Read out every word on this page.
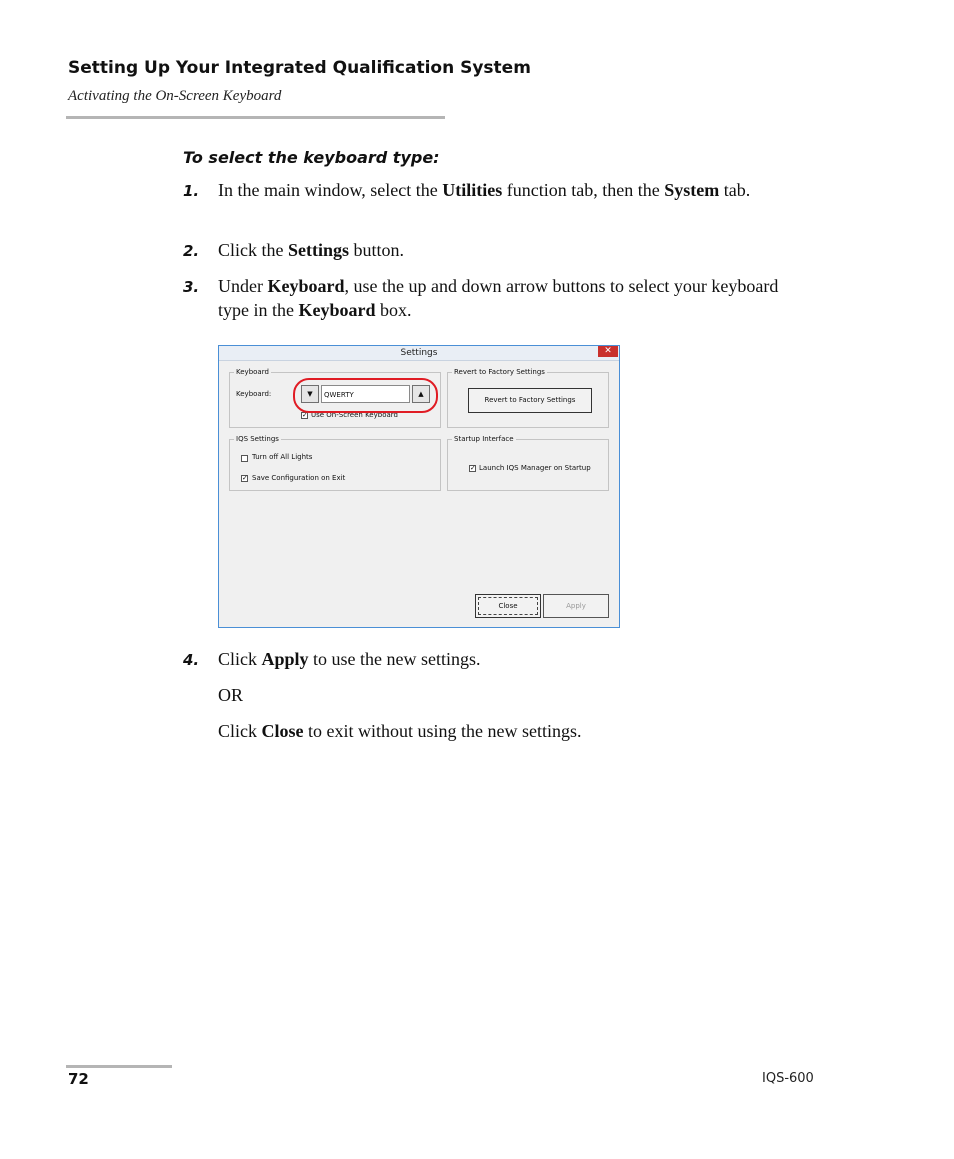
Setting Up Your Integrated Qualification System
Activating the On-Screen Keyboard
To select the keyboard type:
1. In the main window, select the Utilities function tab, then the System tab.
2. Click the Settings button.
3. Under Keyboard, use the up and down arrow buttons to select your keyboard type in the Keyboard box.
Settings	✕
Keyboard
Keyboard:	▼	QWERTY	▲
✓ Use On-Screen Keyboard
Revert to Factory Settings
Revert to Factory Settings
IQS Settings
Turn off All Lights
✓ Save Configuration on Exit
Startup Interface
✓ Launch IQS Manager on Startup
Close	Apply
4. Click Apply to use the new settings.
OR
Click Close to exit without using the new settings.
72	IQS-600
